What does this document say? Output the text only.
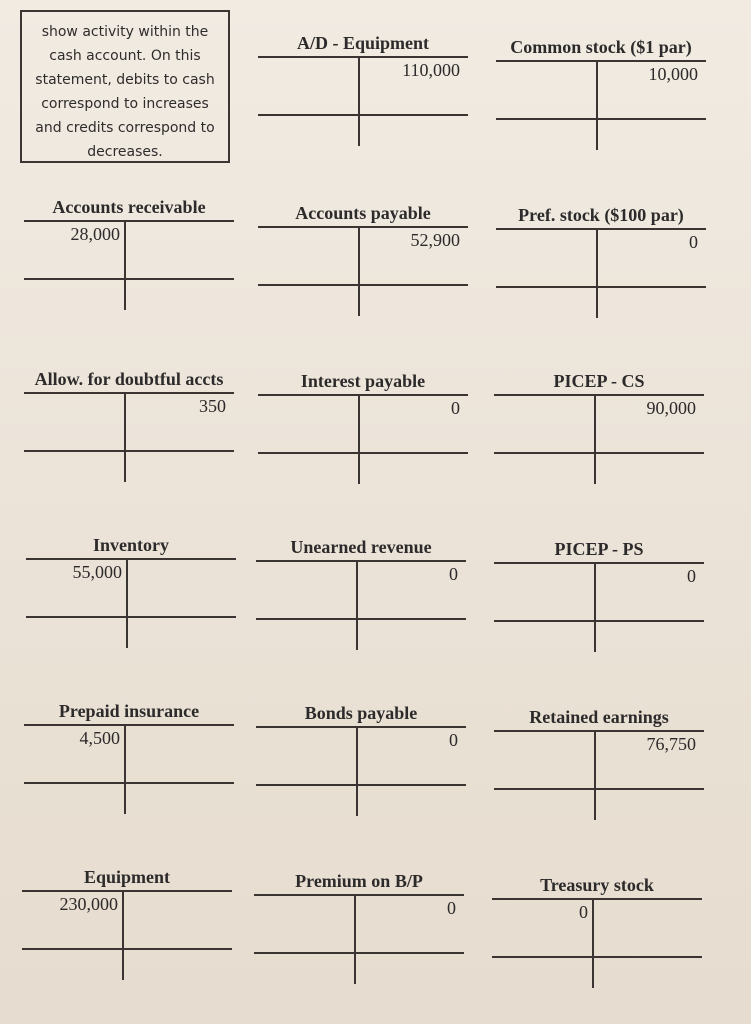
show activity within the
cash account. On this
statement, debits to cash
correspond to increases
and credits correspond to
decreases.
A/D - Equipment
110,000
Common stock ($1 par)
10,000
Accounts receivable
28,000
Accounts payable
52,900
Pref. stock ($100 par)
0
Allow. for doubtful accts
350
Interest payable
0
PICEP - CS
90,000
Inventory
55,000
Unearned revenue
0
PICEP - PS
0
Prepaid insurance
4,500
Bonds payable
0
Retained earnings
76,750
Equipment
230,000
Premium on B/P
0
Treasury stock
0
